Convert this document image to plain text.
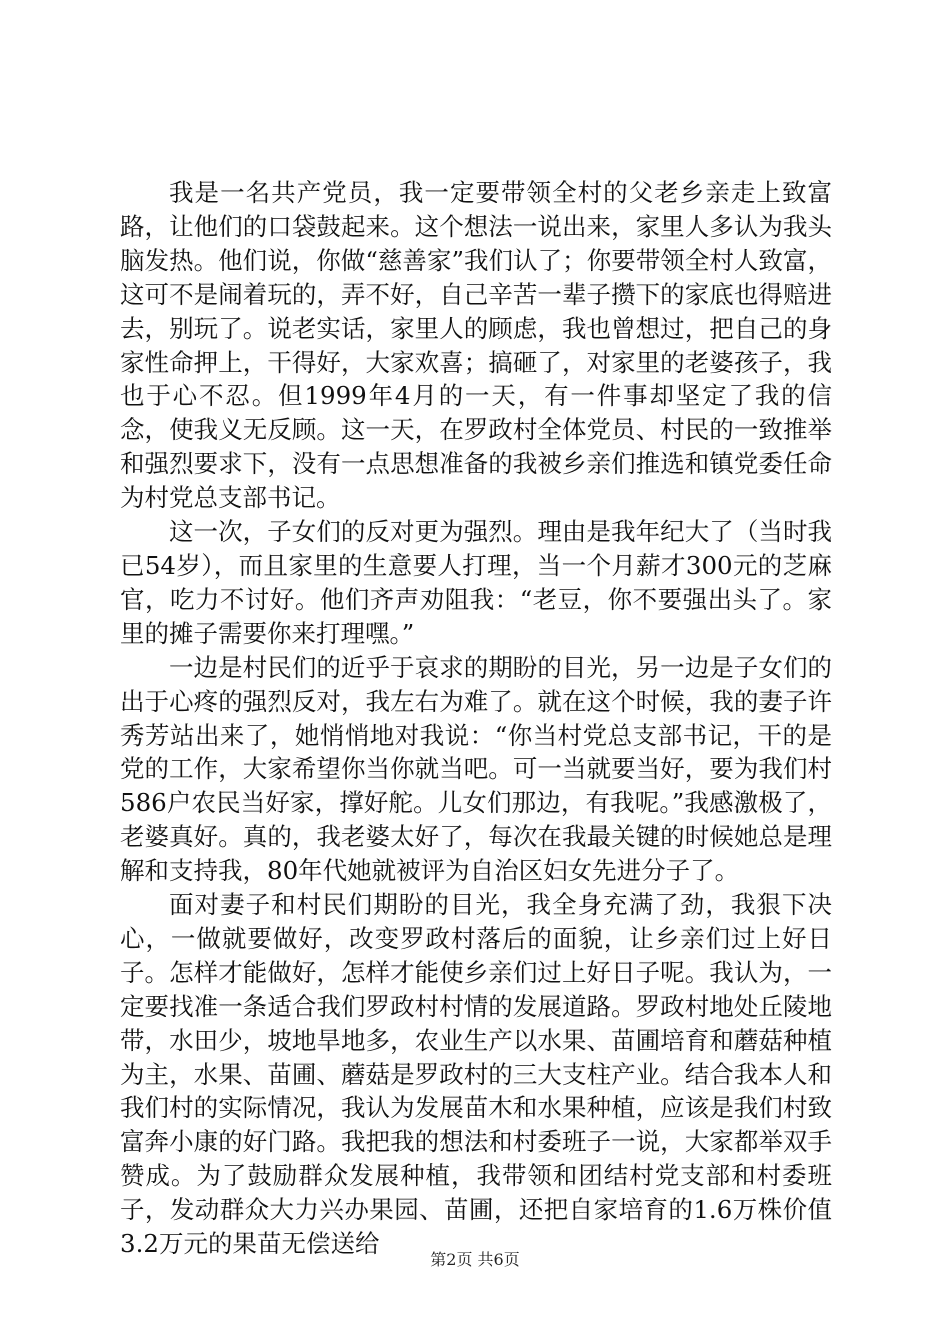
我是一名共产党员，我一定要带领全村的父老乡亲走上致富路，让他们的口袋鼓起来。这个想法一说出来，家里人多认为我头脑发热。他们说，你做“慈善家”我们认了；你要带领全村人致富，这可不是闹着玩的，弄不好，自己辛苦一辈子攒下的家底也得赔进去，别玩了。说老实话，家里人的顾虑，我也曾想过，把自己的身家性命押上，干得好，大家欢喜；搞砸了，对家里的老婆孩子，我也于心不忍。但1999年4月的一天，有一件事却坚定了我的信念，使我义无反顾。这一天，在罗政村全体党员、村民的一致推举和强烈要求下，没有一点思想准备的我被乡亲们推选和镇党委任命为村党总支部书记。

这一次，子女们的反对更为强烈。理由是我年纪大了（当时我已54岁），而且家里的生意要人打理，当一个月薪才300元的芝麻官，吃力不讨好。他们齐声劝阻我：“老豆，你不要强出头了。家里的摊子需要你来打理嘿。”

一边是村民们的近乎于哀求的期盼的目光，另一边是子女们的出于心疼的强烈反对，我左右为难了。就在这个时候，我的妻子许秀芳站出来了，她悄悄地对我说：“你当村党总支部书记，干的是党的工作，大家希望你当你就当吧。可一当就要当好，要为我们村586户农民当好家，撑好舵。儿女们那边，有我呢。”我感激极了，老婆真好。真的，我老婆太好了，每次在我最关键的时候她总是理解和支持我，80年代她就被评为自治区妇女先进分子了。

面对妻子和村民们期盼的目光，我全身充满了劲，我狠下决心，一做就要做好，改变罗政村落后的面貌，让乡亲们过上好日子。怎样才能做好，怎样才能使乡亲们过上好日子呢。我认为，一定要找准一条适合我们罗政村村情的发展道路。罗政村地处丘陵地带，水田少，坡地旱地多，农业生产以水果、苗圃培育和蘑菇种植为主，水果、苗圃、蘑菇是罗政村的三大支柱产业。结合我本人和我们村的实际情况，我认为发展苗木和水果种植，应该是我们村致富奔小康的好门路。我把我的想法和村委班子一说，大家都举双手赞成。为了鼓励群众发展种植，我带领和团结村党支部和村委班子，发动群众大力兴办果园、苗圃，还把自家培育的1.6万株价值3.2万元的果苗无偿送给

第2页 共6页
